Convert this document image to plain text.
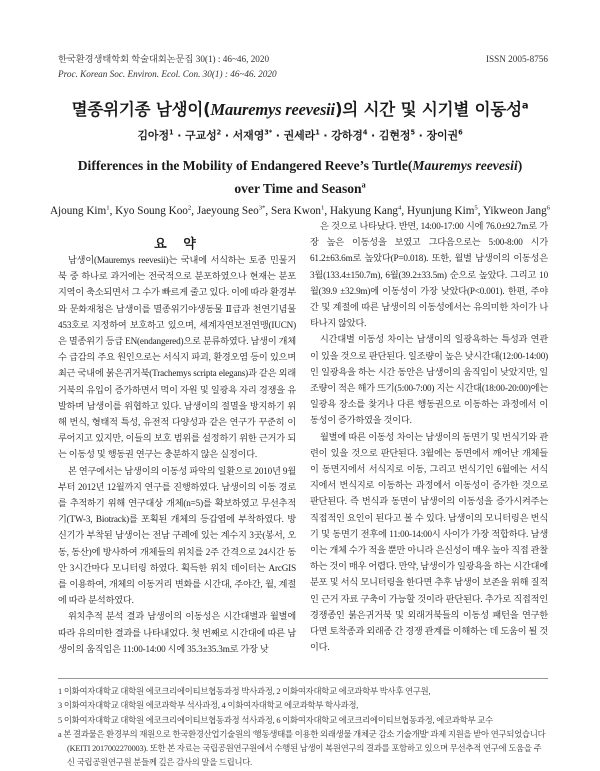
한국환경생태학회 학술대회논문집 30(1) : 46~46, 2020
Proc. Korean Soc. Environ. Ecol. Con. 30(1) : 46~46. 2020
ISSN 2005-8756
멸종위기종 남생이(Mauremys reevesii)의 시간 및 시기별 이동성$^a$
김아정$^1$ · 구교성$^2$ · 서재영$^{3*}$ · 권세라$^1$ · 강하경$^4$ · 김현정$^5$ · 장이권$^6$
Differences in the Mobility of Endangered Reeve’s Turtle(Mauremys reevesii)
over Time and Season$^a$
Ajoung Kim$^1$, Kyo Soung Koo$^2$, Jaeyoung Seo$^{3*}$, Sera Kwon$^1$, Hakyung Kang$^4$, Hyunjung Kim$^5$, Yikweon Jang$^6$
요 약

남생이(Mauremys reevesii)는 국내에 서식하는 토종 민물거북 중 하나로 과거에는 전국적으로 분포하였으나 현재는 분포 지역이 축소되면서 그 수가 빠르게 줄고 있다. 이에 따라 환경부와 문화재청은 남생이를 멸종위기야생동물 Ⅱ급과 천연기념물 453호로 지정하여 보호하고 있으며, 세계자연보전연맹(IUCN)은 멸종위기 등급 EN(endangered)으로 분류하였다. 남생이 개체 수 급감의 주요 원인으로는 서식지 파괴, 환경오염 등이 있으며 최근 국내에 붉은귀거북(Trachemys scripta elegans)과 같은 외래거북의 유입이 증가하면서 먹이 자원 및 일광욕 자리 경쟁을 유발하며 남생이를 위협하고 있다. 남생이의 절멸을 방지하기 위해 번식, 형태적 특성, 유전적 다양성과 같은 연구가 꾸준히 이루어지고 있지만, 이들의 보호 범위를 설정하기 위한 근거가 되는 이동성 및 행동권 연구는 충분하지 않은 실정이다.

본 연구에서는 남생이의 이동성 파악의 일환으로 2010년 9월부터 2012년 12월까지 연구를 진행하였다. 남생이의 이동 경로를 추적하기 위해 연구대상 개체(n=5)를 확보하였고 무선추적기(TW-3, Biotrack)를 포획된 개체의 등갑엽에 부착하였다. 방신기가 부착된 남생이는 전남 구례에 있는 계수지 3곳(봉서, 오동, 동산)에 방사하여 개체들의 위치를 2주 간격으로 24시간 동안 3시간마다 모니터링 하였다. 획득한 위치 데이터는 ArcGIS를 이용하여, 개체의 이동거리 변화를 시간대, 주야간, 월, 계절에 따라 분석하였다.

위치추적 분석 결과 남생이의 이동성은 시간대별과 월별에 따라 유의미한 결과를 나타내었다. 첫 번째로 시간대에 따른 남생이의 움직임은 11:00-14:00 시에 35.3±35.3m로 가장 낮

은 것으로 나타났다. 반면, 14:00-17:00 시에 76.0±92.7m로 가장 높은 이동성을 보였고 그다음으로는 5:00-8:00 시가 61.2±63.6m로 높았다(P=0.018). 또한, 월별 남생이의 이동성은 3월(133.4±150.7m), 6월(39.2±33.5m) 순으로 높았다. 그리고 10월(39.9 ±32.9m)에 이동성이 가장 낮았다(P<0.001). 한편, 주야간 및 계절에 따른 남생이의 이동성에서는 유의미한 차이가 나타나지 않았다.

시간대별 이동성 차이는 남생이의 일광욕하는 특성과 연관이 있을 것으로 판단된다. 일조량이 높은 낮시간대(12:00-14:00)인 일광욕을 하는 시간 동안은 남생이의 움직임이 낮았지만, 일조량이 적은 해가 뜨기(5:00-7:00) 지는 시간대(18:00-20:00)에는 일광욕 장소를 찾거나 다른 행동권으로 이동하는 과정에서 이동성이 증가하였을 것이다.

월별에 따른 이동성 차이는 남생이의 동면기 및 번식기와 관련이 있을 것으로 판단된다. 3월에는 동면에서 깨어난 개체들이 동면지에서 서식지로 이동, 그리고 번식기인 6월에는 서식지에서 번식지로 이동하는 과정에서 이동성이 증가한 것으로 판단된다. 즉 번식과 동면이 남생이의 이동성을 증가시켜주는 직접적인 요인이 된다고 볼 수 있다. 남생이의 모니터링은 번식기 및 동면기 전후에 11:00-14:00시 사이가 가장 적합하다. 남생이는 개체 수가 적을 뿐만 아니라 은신성이 매우 높아 직접 관찰하는 것이 매우 어렵다. 만약, 남생이가 일광욕을 하는 시간대에 분포 및 서식 모니터링을 한다면 추후 남생이 보존을 위해 질적인 근거 자료 구축이 가능할 것이라 판단된다. 추가로 직접적인 경쟁종인 붉은귀거북 및 외래거북들의 이동성 패턴을 연구한다면 토착종과 외래종 간 경쟁 관계를 이해하는 데 도움이 될 것이다.

1 이화여자대학교 대학원 에코크리에이티브협동과정 박사과정, 2 이화여자대학교 에코과학부 박사후 연구원,
3 이화여자대학교 대학원 에코과학부 석사과정, 4 이화여자대학교 에코과학부 학사과정,
5 이화여자대학교 대학원 에코크리에이티브협동과정 석사과정, 6 이화여자대학교 에코크리에이티브협동과정, 에코과학부 교수
a 본 결과물은 환경부의 재원으로 한국환경산업기술원의 '행동생태를 이용한 외래생물 개체군 감소 기술개발' 과제 지원을 받아 연구되었습니다(KEITI 2017002270003). 또한 본 자료는 국립공원연구원에서 수행된 남생이 복원연구의 결과를 포함하고 있으며 무선추적 연구에 도움을 주신 국립공원연구원 분들께 깊은 감사의 말을 드립니다.
